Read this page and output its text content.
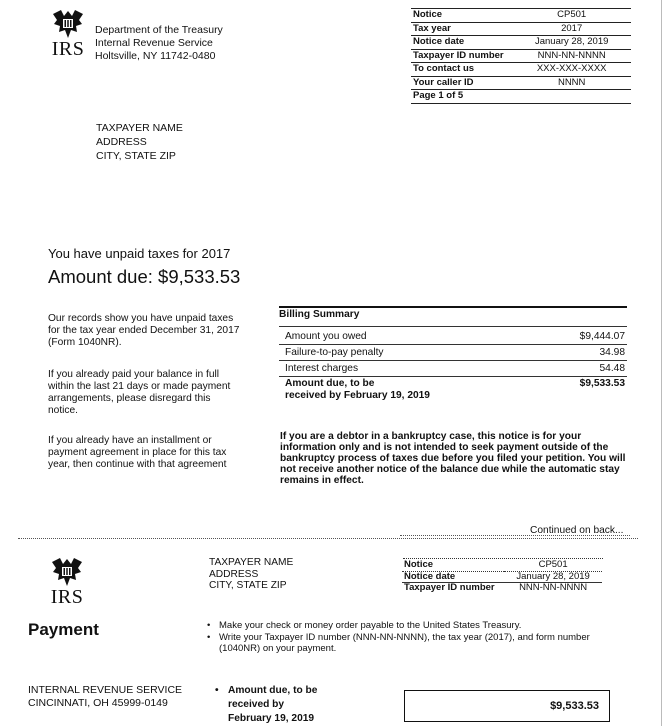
IRS
Department of the Treasury
Internal Revenue Service
Holtsville, NY 11742-0480
Notice	CP501
Tax year	2017
Notice date	January 28, 2019
Taxpayer ID number	NNN-NN-NNNN
To contact us	XXX-XXX-XXXX
Your caller ID	NNNN
Page 1 of 5	
TAXPAYER NAME
ADDRESS
CITY, STATE ZIP
You have unpaid taxes for 2017
Amount due: $9,533.53
Our records show you have unpaid taxes for the tax year ended December 31, 2017 (Form 1040NR).
If you already paid your balance in full within the last 21 days or made payment arrangements, please disregard this notice.
If you already have an installment or payment agreement in place for this tax year, then continue with that agreement
Billing Summary
Amount you owed	$9,444.07
Failure-to-pay penalty	34.98
Interest charges	54.48
Amount due, to be
received by February 19, 2019
$9,533.53
If you are a debtor in a bankruptcy case, this notice is for your information only and is not intended to seek payment outside of the bankruptcy process of taxes due before you filed your petition. You will not receive another notice of the balance due while the automatic stay remains in effect.
Continued on back...
IRS
Payment
TAXPAYER NAME
ADDRESS
CITY, STATE ZIP
Notice	CP501
Notice date	January 28, 2019
Taxpayer ID number	NNN-NN-NNNN
• Make your check or money order payable to the United States Treasury.
• Write your Taxpayer ID number (NNN-NN-NNNN), the tax year (2017), and form number (1040NR) on your payment.
INTERNAL REVENUE SERVICE
CINCINNATI, OH 45999-0149
• Amount due, to be
received by
February 19, 2019
$9,533.53
